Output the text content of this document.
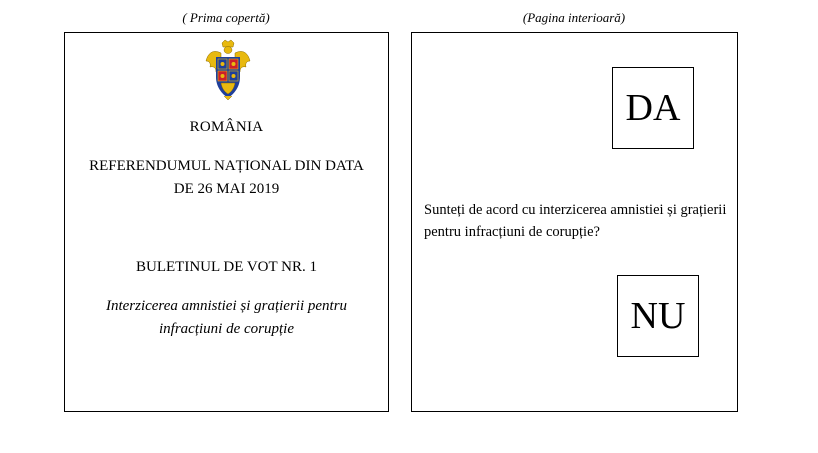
( Prima copertă)	(Pagina interioară)
ROMÂNIA
REFERENDUMUL NAȚIONAL DIN DATA DE 26 MAI 2019
BULETINUL DE VOT NR. 1
Interzicerea amnistiei și grațierii pentru infracțiuni de corupție
DA
Sunteți de acord cu interzicerea amnistiei și grațierii pentru infracțiuni de corupție?
NU
